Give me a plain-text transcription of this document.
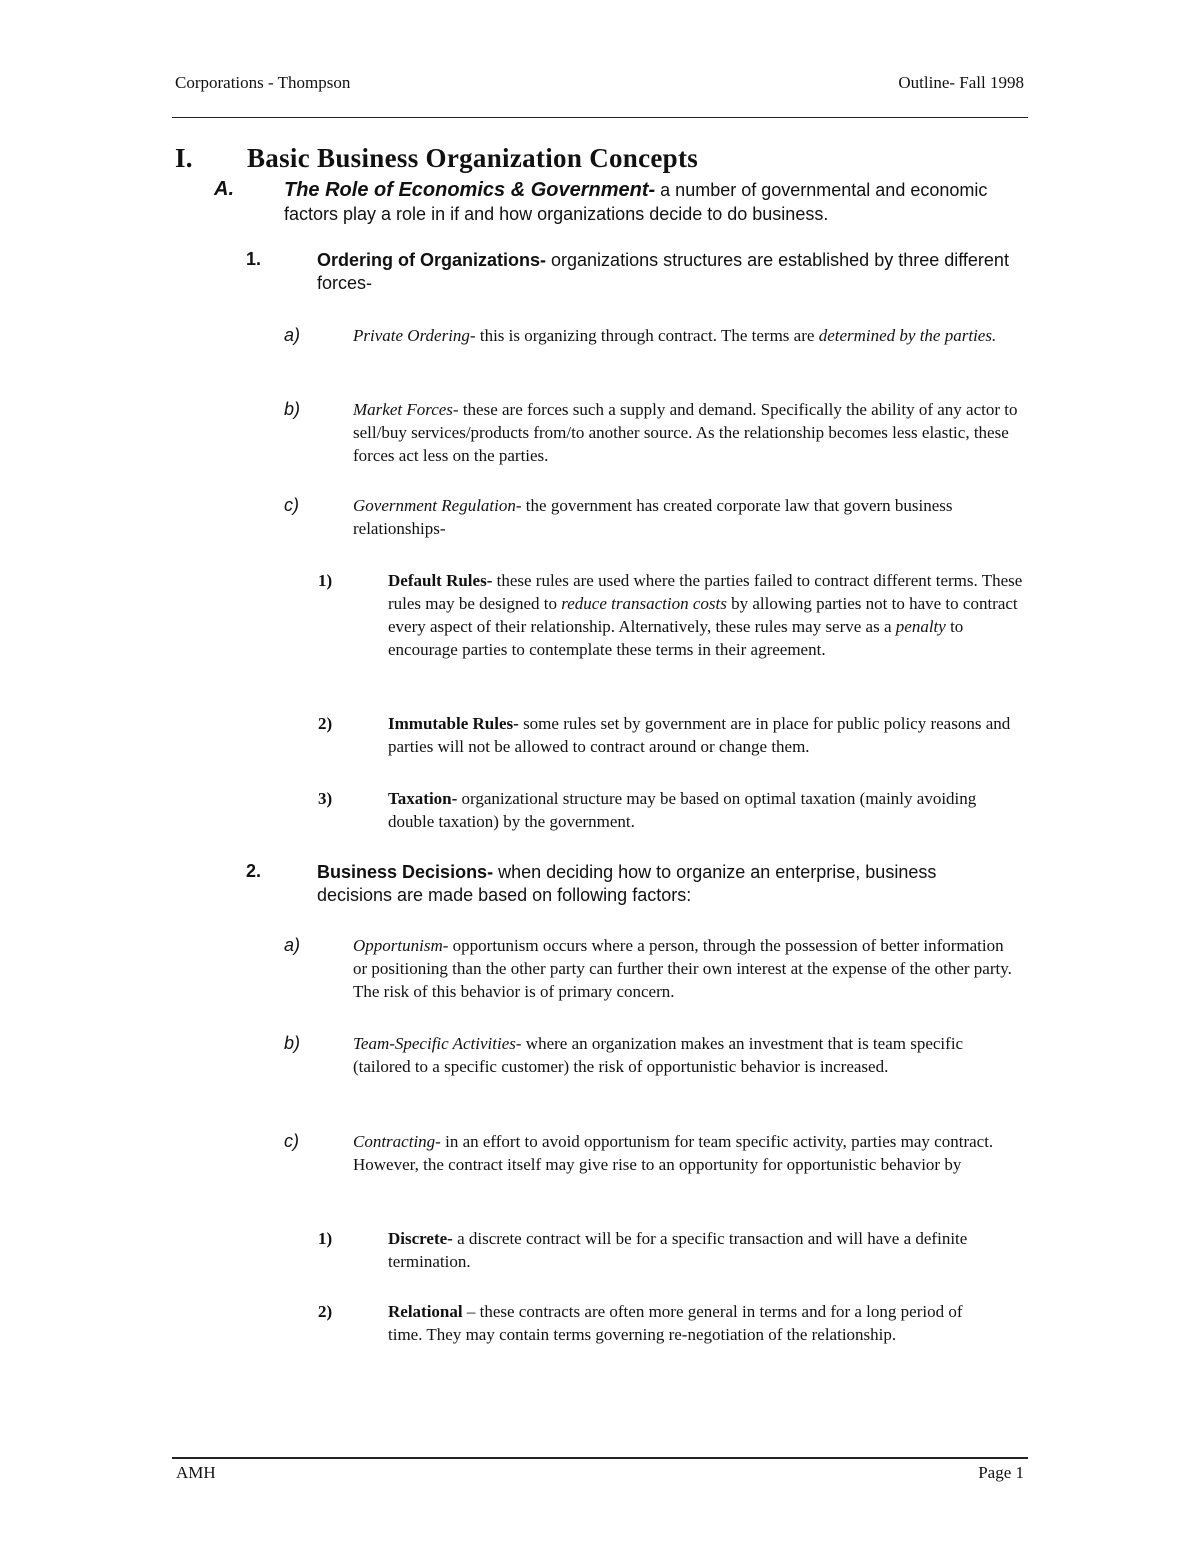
Corporations - Thompson	Outline- Fall 1998
I. Basic Business Organization Concepts
A.	The Role of Economics & Government- a number of governmental and economic factors play a role in if and how organizations decide to do business.
1.	Ordering of Organizations- organizations structures are established by three different forces-
a)	Private Ordering- this is organizing through contract. The terms are determined by the parties.
b)	Market Forces- these are forces such a supply and demand. Specifically the ability of any actor to sell/buy services/products from/to another source. As the relationship becomes less elastic, these forces act less on the parties.
c)	Government Regulation- the government has created corporate law that govern business relationships-
1)	Default Rules- these rules are used where the parties failed to contract different terms. These rules may be designed to reduce transaction costs by allowing parties not to have to contract every aspect of their relationship. Alternatively, these rules may serve as a penalty to encourage parties to contemplate these terms in their agreement.
2)	Immutable Rules- some rules set by government are in place for public policy reasons and parties will not be allowed to contract around or change them.
3)	Taxation- organizational structure may be based on optimal taxation (mainly avoiding double taxation) by the government.
2.	Business Decisions- when deciding how to organize an enterprise, business decisions are made based on following factors:
a)	Opportunism- opportunism occurs where a person, through the possession of better information or positioning than the other party can further their own interest at the expense of the other party. The risk of this behavior is of primary concern.
b)	Team-Specific Activities- where an organization makes an investment that is team specific (tailored to a specific customer) the risk of opportunistic behavior is increased.
c)	Contracting- in an effort to avoid opportunism for team specific activity, parties may contract. However, the contract itself may give rise to an opportunity for opportunistic behavior by
1)	Discrete- a discrete contract will be for a specific transaction and will have a definite termination.
2)	Relational – these contracts are often more general in terms and for a long period of time. They may contain terms governing re-negotiation of the relationship.
AMH	Page 1
